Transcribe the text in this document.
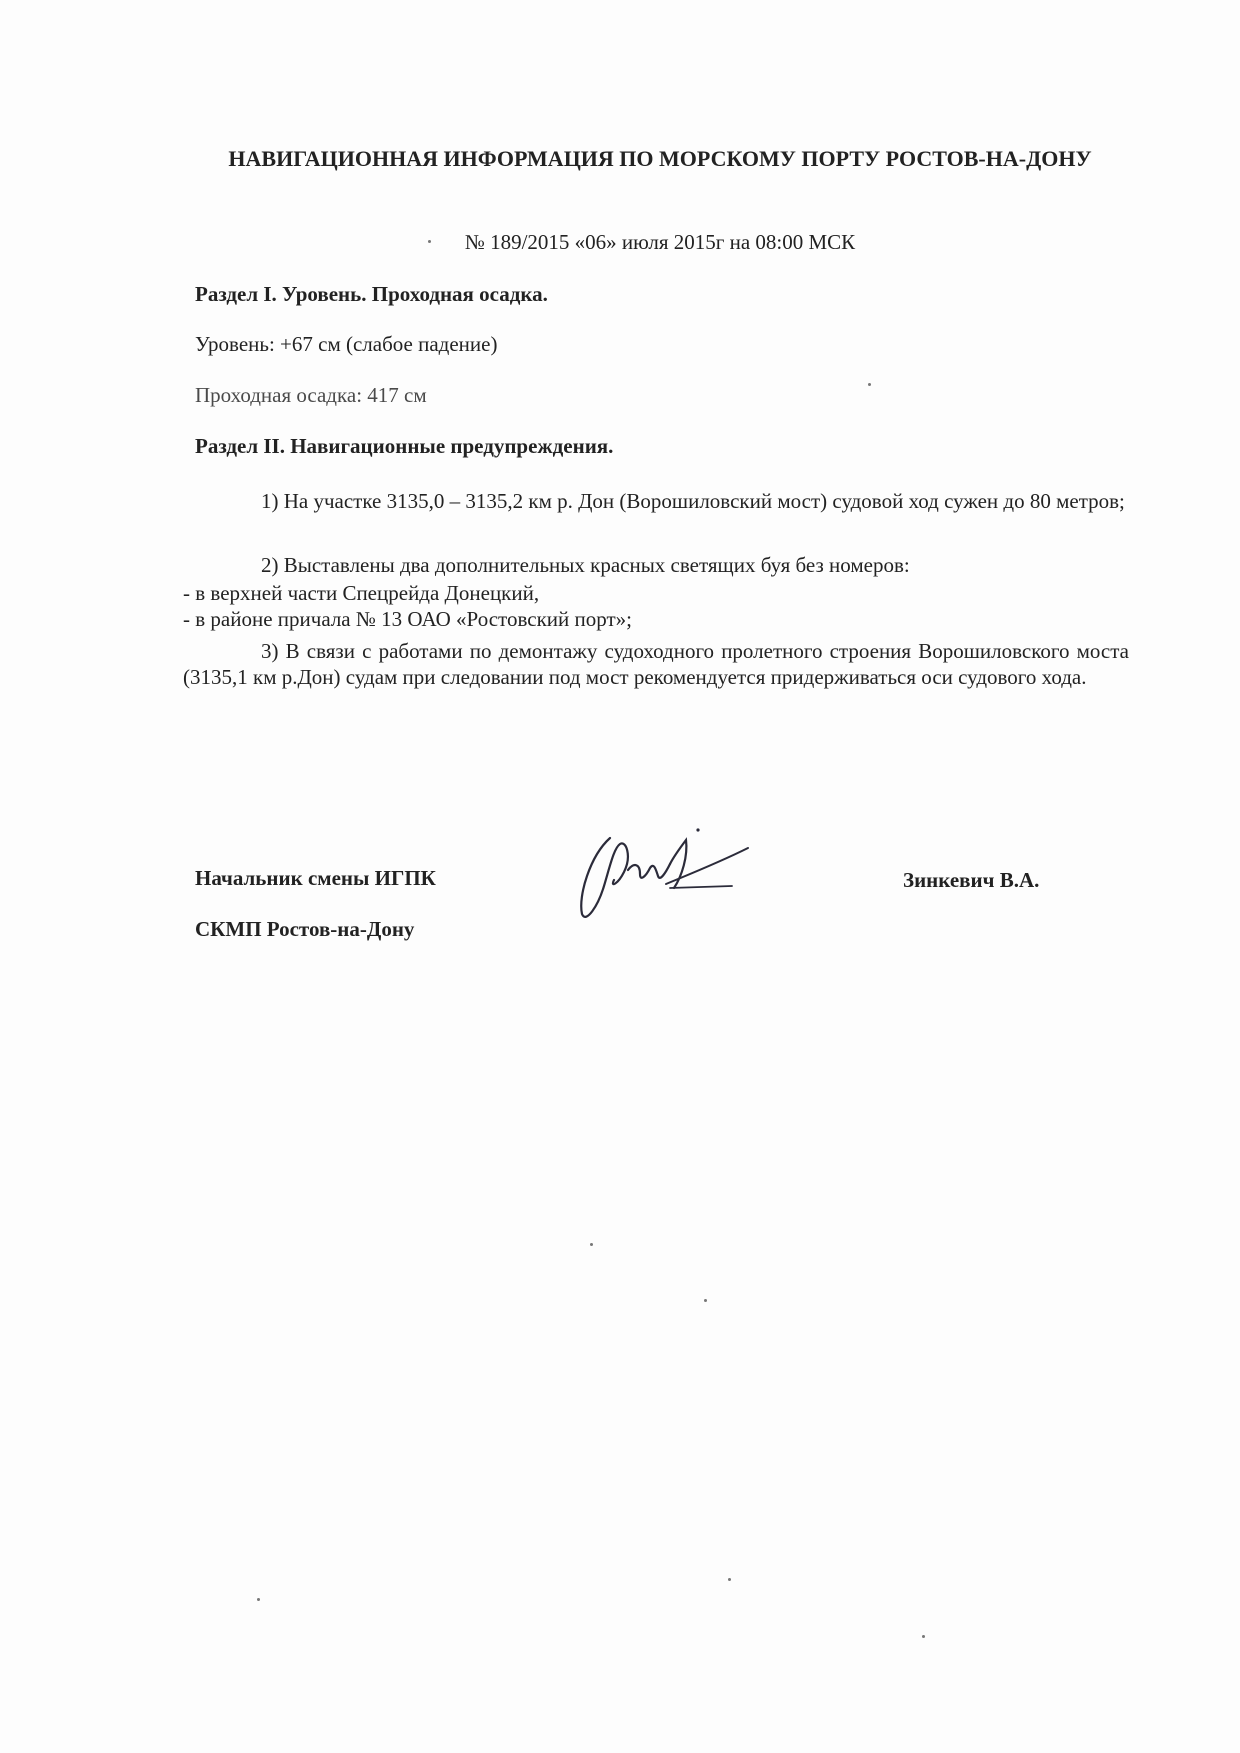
НАВИГАЦИОННАЯ ИНФОРМАЦИЯ ПО МОРСКОМУ ПОРТУ РОСТОВ-НА-ДОНУ
№ 189/2015 «06» июля 2015г на 08:00 МСК
Раздел I. Уровень. Проходная осадка.
Уровень: +67 см (слабое падение)
Проходная осадка: 417 см
Раздел II. Навигационные предупреждения.
1) На участке 3135,0 – 3135,2 км р. Дон (Ворошиловский мост) судовой ход сужен до 80 метров;
2) Выставлены два дополнительных красных светящих буя без номеров:
- в верхней части Спецрейда Донецкий,
- в районе причала № 13 ОАО «Ростовский порт»;
3) В связи с работами по демонтажу судоходного пролетного строения Ворошиловского моста (3135,1 км р.Дон) судам при следовании под мост рекомендуется придерживаться оси судового хода.
Начальник смены ИГПК
СКМП Ростов-на-Дону
Зинкевич В.А.
